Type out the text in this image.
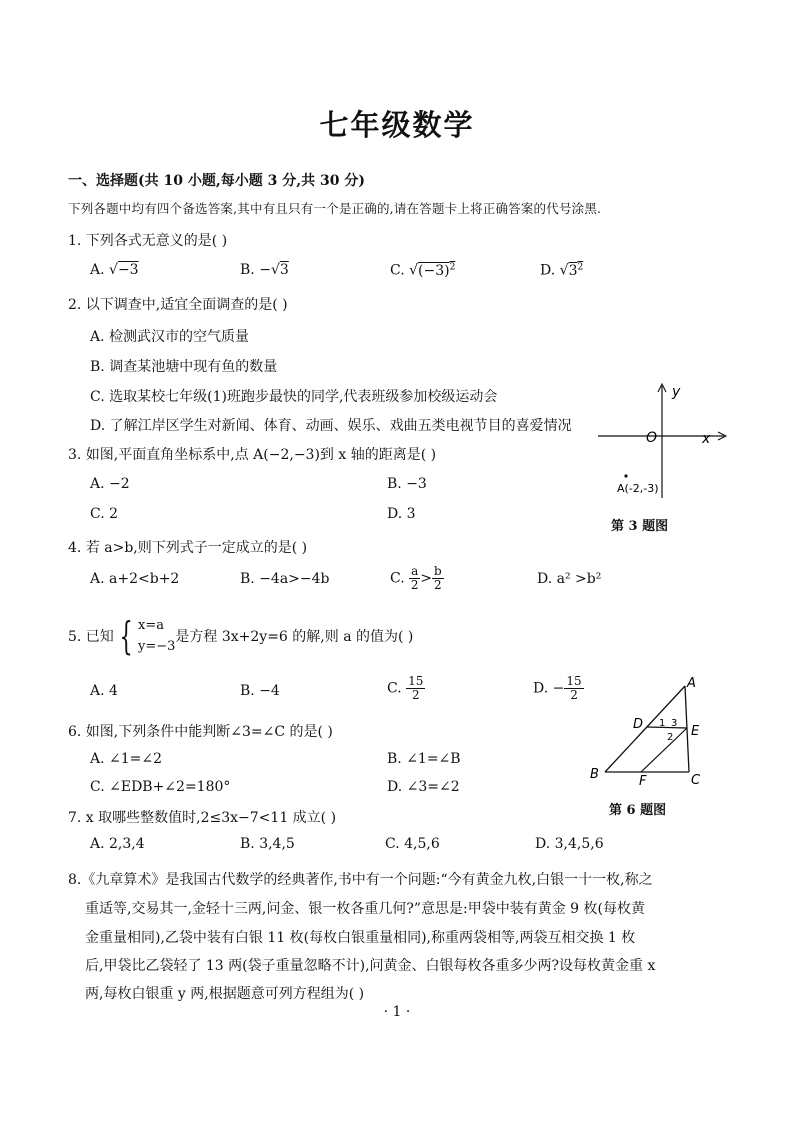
七年级数学
一、选择题(共 10 小题,每小题 3 分,共 30 分)
下列各题中均有四个备选答案,其中有且只有一个是正确的,请在答题卡上将正确答案的代号涂黑.
1. 下列各式无意义的是( )
A. √−3	B. −√3	C. $√(-3)^2$	D. $√3^2$
2. 以下调查中,适宜全面调查的是( )
A. 检测武汉市的空气质量
B. 调查某池塘中现有鱼的数量
C. 选取某校七年级(1)班跑步最快的同学,代表班级参加校级运动会
D. 了解江岸区学生对新闻、体育、动画、娱乐、戏曲五类电视节目的喜爱情况
3. 如图,平面直角坐标系中,点 A(−2,−3)到 x 轴的距离是( )
A. −2	B. −3
C. 2	D. 3
y
x
O
A(-2,-3)
第 3 题图
4. 若 a>b,则下列式子一定成立的是( )
A. a+2<b+2	B. −4a>−4b	C. $\frac{a}{2} > \frac{b}{2}$	D. a² >b²
5. 已知 { x=a
y=−3
是方程 3x+2y=6 的解,则 a 的值为( )
A. 4	B. −4	C. $\frac{15}{2}$	D. − $\frac{15}{2}$
6. 如图,下列条件中能判断∠3=∠C 的是( )
A. ∠1=∠2	B. ∠1=∠B
C. ∠EDB+∠2=180°	D. ∠3=∠2
A
B	C
D	E
F
1 3
2
第 6 题图
7. x 取哪些整数值时,2≤3x−7<11 成立( )
A. 2,3,4	B. 3,4,5	C. 4,5,6	D. 3,4,5,6
8.《九章算术》是我国古代数学的经典著作,书中有一个问题:“今有黄金九枚,白银一十一枚,称之
重适等,交易其一,金轻十三两,问金、银一枚各重几何?”意思是:甲袋中装有黄金 9 枚(每枚黄
金重量相同),乙袋中装有白银 11 枚(每枚白银重量相同),称重两袋相等,两袋互相交换 1 枚
后,甲袋比乙袋轻了 13 两(袋子重量忽略不计),问黄金、白银每枚各重多少两?设每枚黄金重 x
两,每枚白银重 y 两,根据题意可列方程组为( )
· 1 ·
